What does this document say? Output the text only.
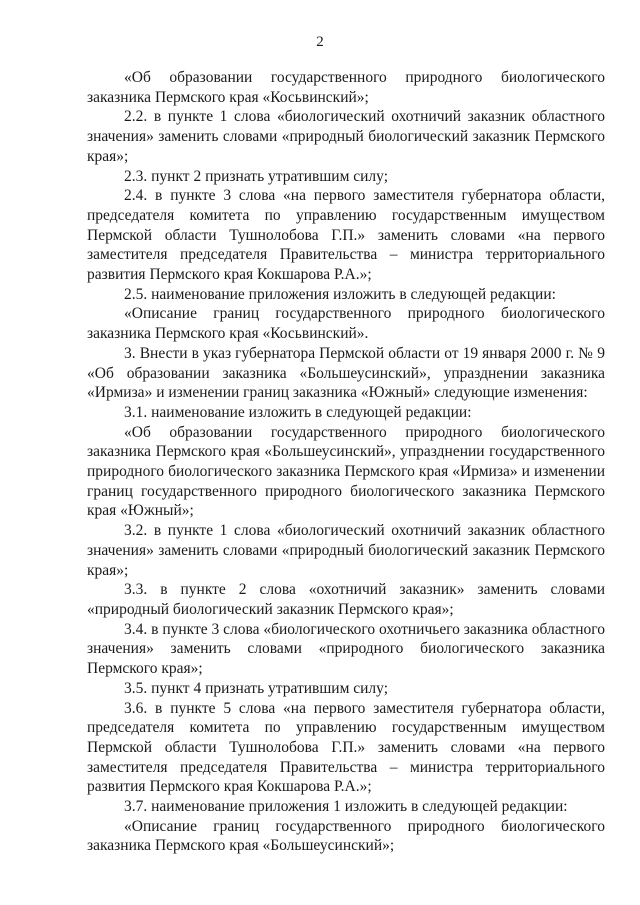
2

«Об образовании государственного природного биологического заказника Пермского края «Косьвинский»;

2.2. в пункте 1 слова «биологический охотничий заказник областного значения» заменить словами «природный биологический заказник Пермского края»;

2.3. пункт 2 признать утратившим силу;

2.4. в пункте 3 слова «на первого заместителя губернатора области, председателя комитета по управлению государственным имуществом Пермской области Тушнолобова Г.П.» заменить словами «на первого заместителя председателя Правительства – министра территориального развития Пермского края Кокшарова Р.А.»;

2.5. наименование приложения изложить в следующей редакции:

«Описание границ государственного природного биологического заказника Пермского края «Косьвинский».

3. Внести в указ губернатора Пермской области от 19 января 2000 г. № 9 «Об образовании заказника «Большеусинский», упразднении заказника «Ирмиза» и изменении границ заказника «Южный» следующие изменения:

3.1. наименование изложить в следующей редакции:

«Об образовании государственного природного биологического заказника Пермского края «Большеусинский», упразднении государственного природного биологического заказника Пермского края «Ирмиза» и изменении границ государственного природного биологического заказника Пермского края «Южный»;

3.2. в пункте 1 слова «биологический охотничий заказник областного значения» заменить словами «природный биологический заказник Пермского края»;

3.3. в пункте 2 слова «охотничий заказник» заменить словами «природный биологический заказник Пермского края»;

3.4. в пункте 3 слова «биологического охотничьего заказника областного значения» заменить словами «природного биологического заказника Пермского края»;

3.5. пункт 4 признать утратившим силу;

3.6. в пункте 5 слова «на первого заместителя губернатора области, председателя комитета по управлению государственным имуществом Пермской области Тушнолобова Г.П.» заменить словами «на первого заместителя председателя Правительства – министра территориального развития Пермского края Кокшарова Р.А.»;

3.7. наименование приложения 1 изложить в следующей редакции:

«Описание границ государственного природного биологического заказника Пермского края «Большеусинский»;
